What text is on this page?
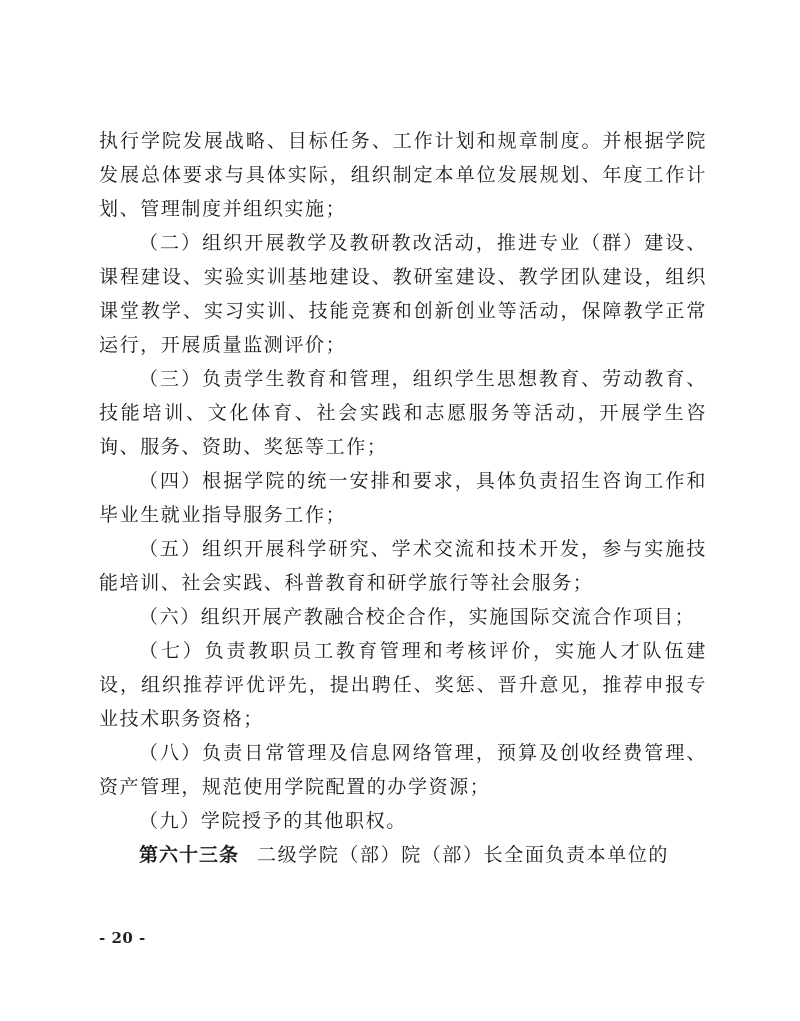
执行学院发展战略、目标任务、工作计划和规章制度。并根据学院发展总体要求与具体实际，组织制定本单位发展规划、年度工作计划、管理制度并组织实施；

（二）组织开展教学及教研教改活动，推进专业（群）建设、课程建设、实验实训基地建设、教研室建设、教学团队建设，组织课堂教学、实习实训、技能竞赛和创新创业等活动，保障教学正常运行，开展质量监测评价；

（三）负责学生教育和管理，组织学生思想教育、劳动教育、技能培训、文化体育、社会实践和志愿服务等活动，开展学生咨询、服务、资助、奖惩等工作；

（四）根据学院的统一安排和要求，具体负责招生咨询工作和毕业生就业指导服务工作；

（五）组织开展科学研究、学术交流和技术开发，参与实施技能培训、社会实践、科普教育和研学旅行等社会服务；

（六）组织开展产教融合校企合作，实施国际交流合作项目；

（七）负责教职员工教育管理和考核评价，实施人才队伍建设，组织推荐评优评先，提出聘任、奖惩、晋升意见，推荐申报专业技术职务资格；

（八）负责日常管理及信息网络管理，预算及创收经费管理、资产管理，规范使用学院配置的办学资源；

（九）学院授予的其他职权。

第六十三条 二级学院（部）院（部）长全面负责本单位的

- 20 -
